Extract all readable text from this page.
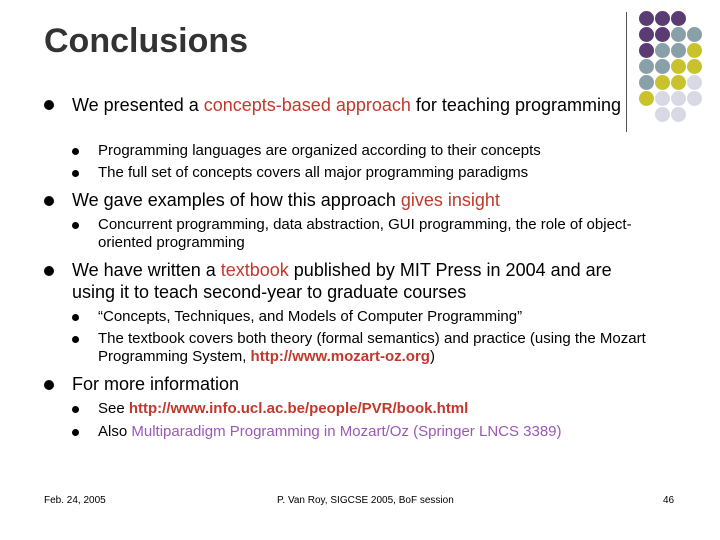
Conclusions
We presented a concepts-based approach for teaching programming
Programming languages are organized according to their concepts
The full set of concepts covers all major programming paradigms
We gave examples of how this approach gives insight
Concurrent programming, data abstraction, GUI programming, the role of object-oriented programming
We have written a textbook published by MIT Press in 2004 and are using it to teach second-year to graduate courses
“Concepts, Techniques, and Models of Computer Programming”
The textbook covers both theory (formal semantics) and practice (using the Mozart Programming System, http://www.mozart-oz.org)
For more information
See http://www.info.ucl.ac.be/people/PVR/book.html
Also Multiparadigm Programming in Mozart/Oz (Springer LNCS 3389)
Feb. 24, 2005	P. Van Roy, SIGCSE 2005, BoF session	46
